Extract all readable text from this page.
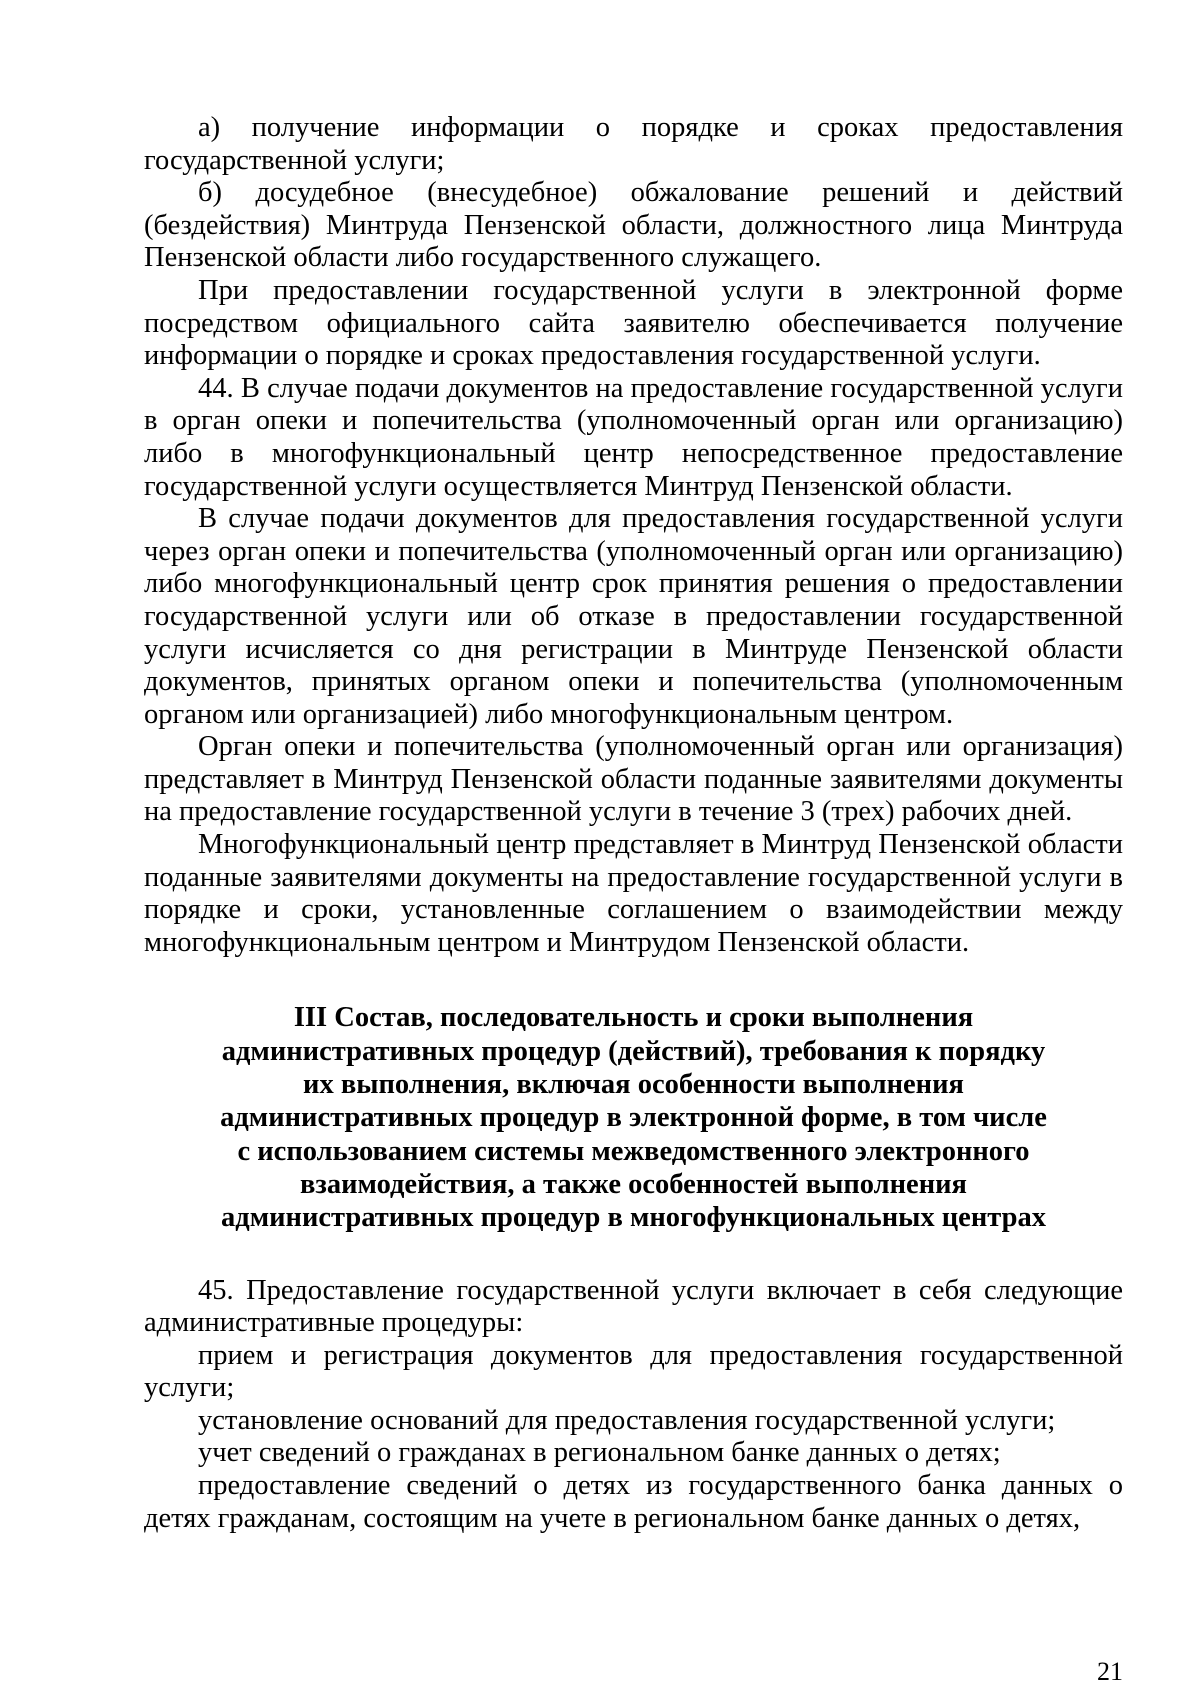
а) получение информации о порядке и сроках предоставления государственной услуги;

б) досудебное (внесудебное) обжалование решений и действий (бездействия) Минтруда Пензенской области, должностного лица Минтруда Пензенской области либо государственного служащего.

При предоставлении государственной услуги в электронной форме посредством официального сайта заявителю обеспечивается получение информации о порядке и сроках предоставления государственной услуги.

44. В случае подачи документов на предоставление государственной услуги в орган опеки и попечительства (уполномоченный орган или организацию) либо в многофункциональный центр непосредственное предоставление государственной услуги осуществляется Минтруд Пензенской области.

В случае подачи документов для предоставления государственной услуги через орган опеки и попечительства (уполномоченный орган или организацию) либо многофункциональный центр срок принятия решения о предоставлении государственной услуги или об отказе в предоставлении государственной услуги исчисляется со дня регистрации в Минтруде Пензенской области документов, принятых органом опеки и попечительства (уполномоченным органом или организацией) либо многофункциональным центром.

Орган опеки и попечительства (уполномоченный орган или организация) представляет в Минтруд Пензенской области поданные заявителями документы на предоставление государственной услуги в течение 3 (трех) рабочих дней.

Многофункциональный центр представляет в Минтруд Пензенской области поданные заявителями документы на предоставление государственной услуги в порядке и сроки, установленные соглашением о взаимодействии между многофункциональным центром и Минтрудом Пензенской области.

III Состав, последовательность и сроки выполнения
административных процедур (действий), требования к порядку
их выполнения, включая особенности выполнения
административных процедур в электронной форме, в том числе
с использованием системы межведомственного электронного
взаимодействия, а также особенностей выполнения
административных процедур в многофункциональных центрах

45. Предоставление государственной услуги включает в себя следующие административные процедуры:

прием и регистрация документов для предоставления государственной услуги;

установление оснований для предоставления государственной услуги;

учет сведений о гражданах в региональном банке данных о детях;

предоставление сведений о детях из государственного банка данных о детях гражданам, состоящим на учете в региональном банке данных о детях,

21
